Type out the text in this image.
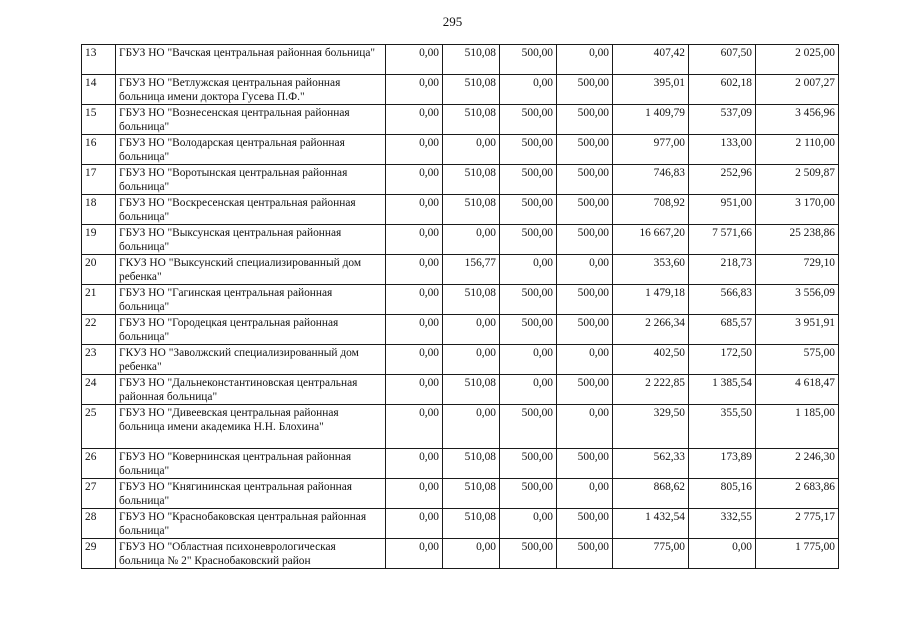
295
13	ГБУЗ НО "Вачская центральная районная больница"	0,00	510,08	500,00	0,00	407,42	607,50	2 025,00
14	ГБУЗ НО "Ветлужская центральная районная больница имени доктора Гусева П.Ф."	0,00	510,08	0,00	500,00	395,01	602,18	2 007,27
15	ГБУЗ НО "Вознесенская центральная районная больница"	0,00	510,08	500,00	500,00	1 409,79	537,09	3 456,96
16	ГБУЗ НО "Володарская центральная районная больница"	0,00	0,00	500,00	500,00	977,00	133,00	2 110,00
17	ГБУЗ НО "Воротынская центральная районная больница"	0,00	510,08	500,00	500,00	746,83	252,96	2 509,87
18	ГБУЗ НО "Воскресенская центральная районная больница"	0,00	510,08	500,00	500,00	708,92	951,00	3 170,00
19	ГБУЗ НО "Выксунская центральная районная больница"	0,00	0,00	500,00	500,00	16 667,20	7 571,66	25 238,86
20	ГКУЗ НО "Выксунский специализированный дом ребенка"	0,00	156,77	0,00	0,00	353,60	218,73	729,10
21	ГБУЗ НО "Гагинская центральная районная больница"	0,00	510,08	500,00	500,00	1 479,18	566,83	3 556,09
22	ГБУЗ НО "Городецкая центральная районная больница"	0,00	0,00	500,00	500,00	2 266,34	685,57	3 951,91
23	ГКУЗ НО "Заволжский специализированный дом ребенка"	0,00	0,00	0,00	0,00	402,50	172,50	575,00
24	ГБУЗ НО "Дальнеконстантиновская центральная районная больница"	0,00	510,08	0,00	500,00	2 222,85	1 385,54	4 618,47
25	ГБУЗ НО "Дивеевская центральная районная больница имени академика Н.Н. Блохина"	0,00	0,00	500,00	0,00	329,50	355,50	1 185,00
26	ГБУЗ НО "Ковернинская центральная районная больница"	0,00	510,08	500,00	500,00	562,33	173,89	2 246,30
27	ГБУЗ НО "Княгининская центральная районная больница"	0,00	510,08	500,00	0,00	868,62	805,16	2 683,86
28	ГБУЗ НО "Краснобаковская центральная районная больница"	0,00	510,08	0,00	500,00	1 432,54	332,55	2 775,17
29	ГБУЗ НО "Областная психоневрологическая больница № 2" Краснобаковский район	0,00	0,00	500,00	500,00	775,00	0,00	1 775,00
